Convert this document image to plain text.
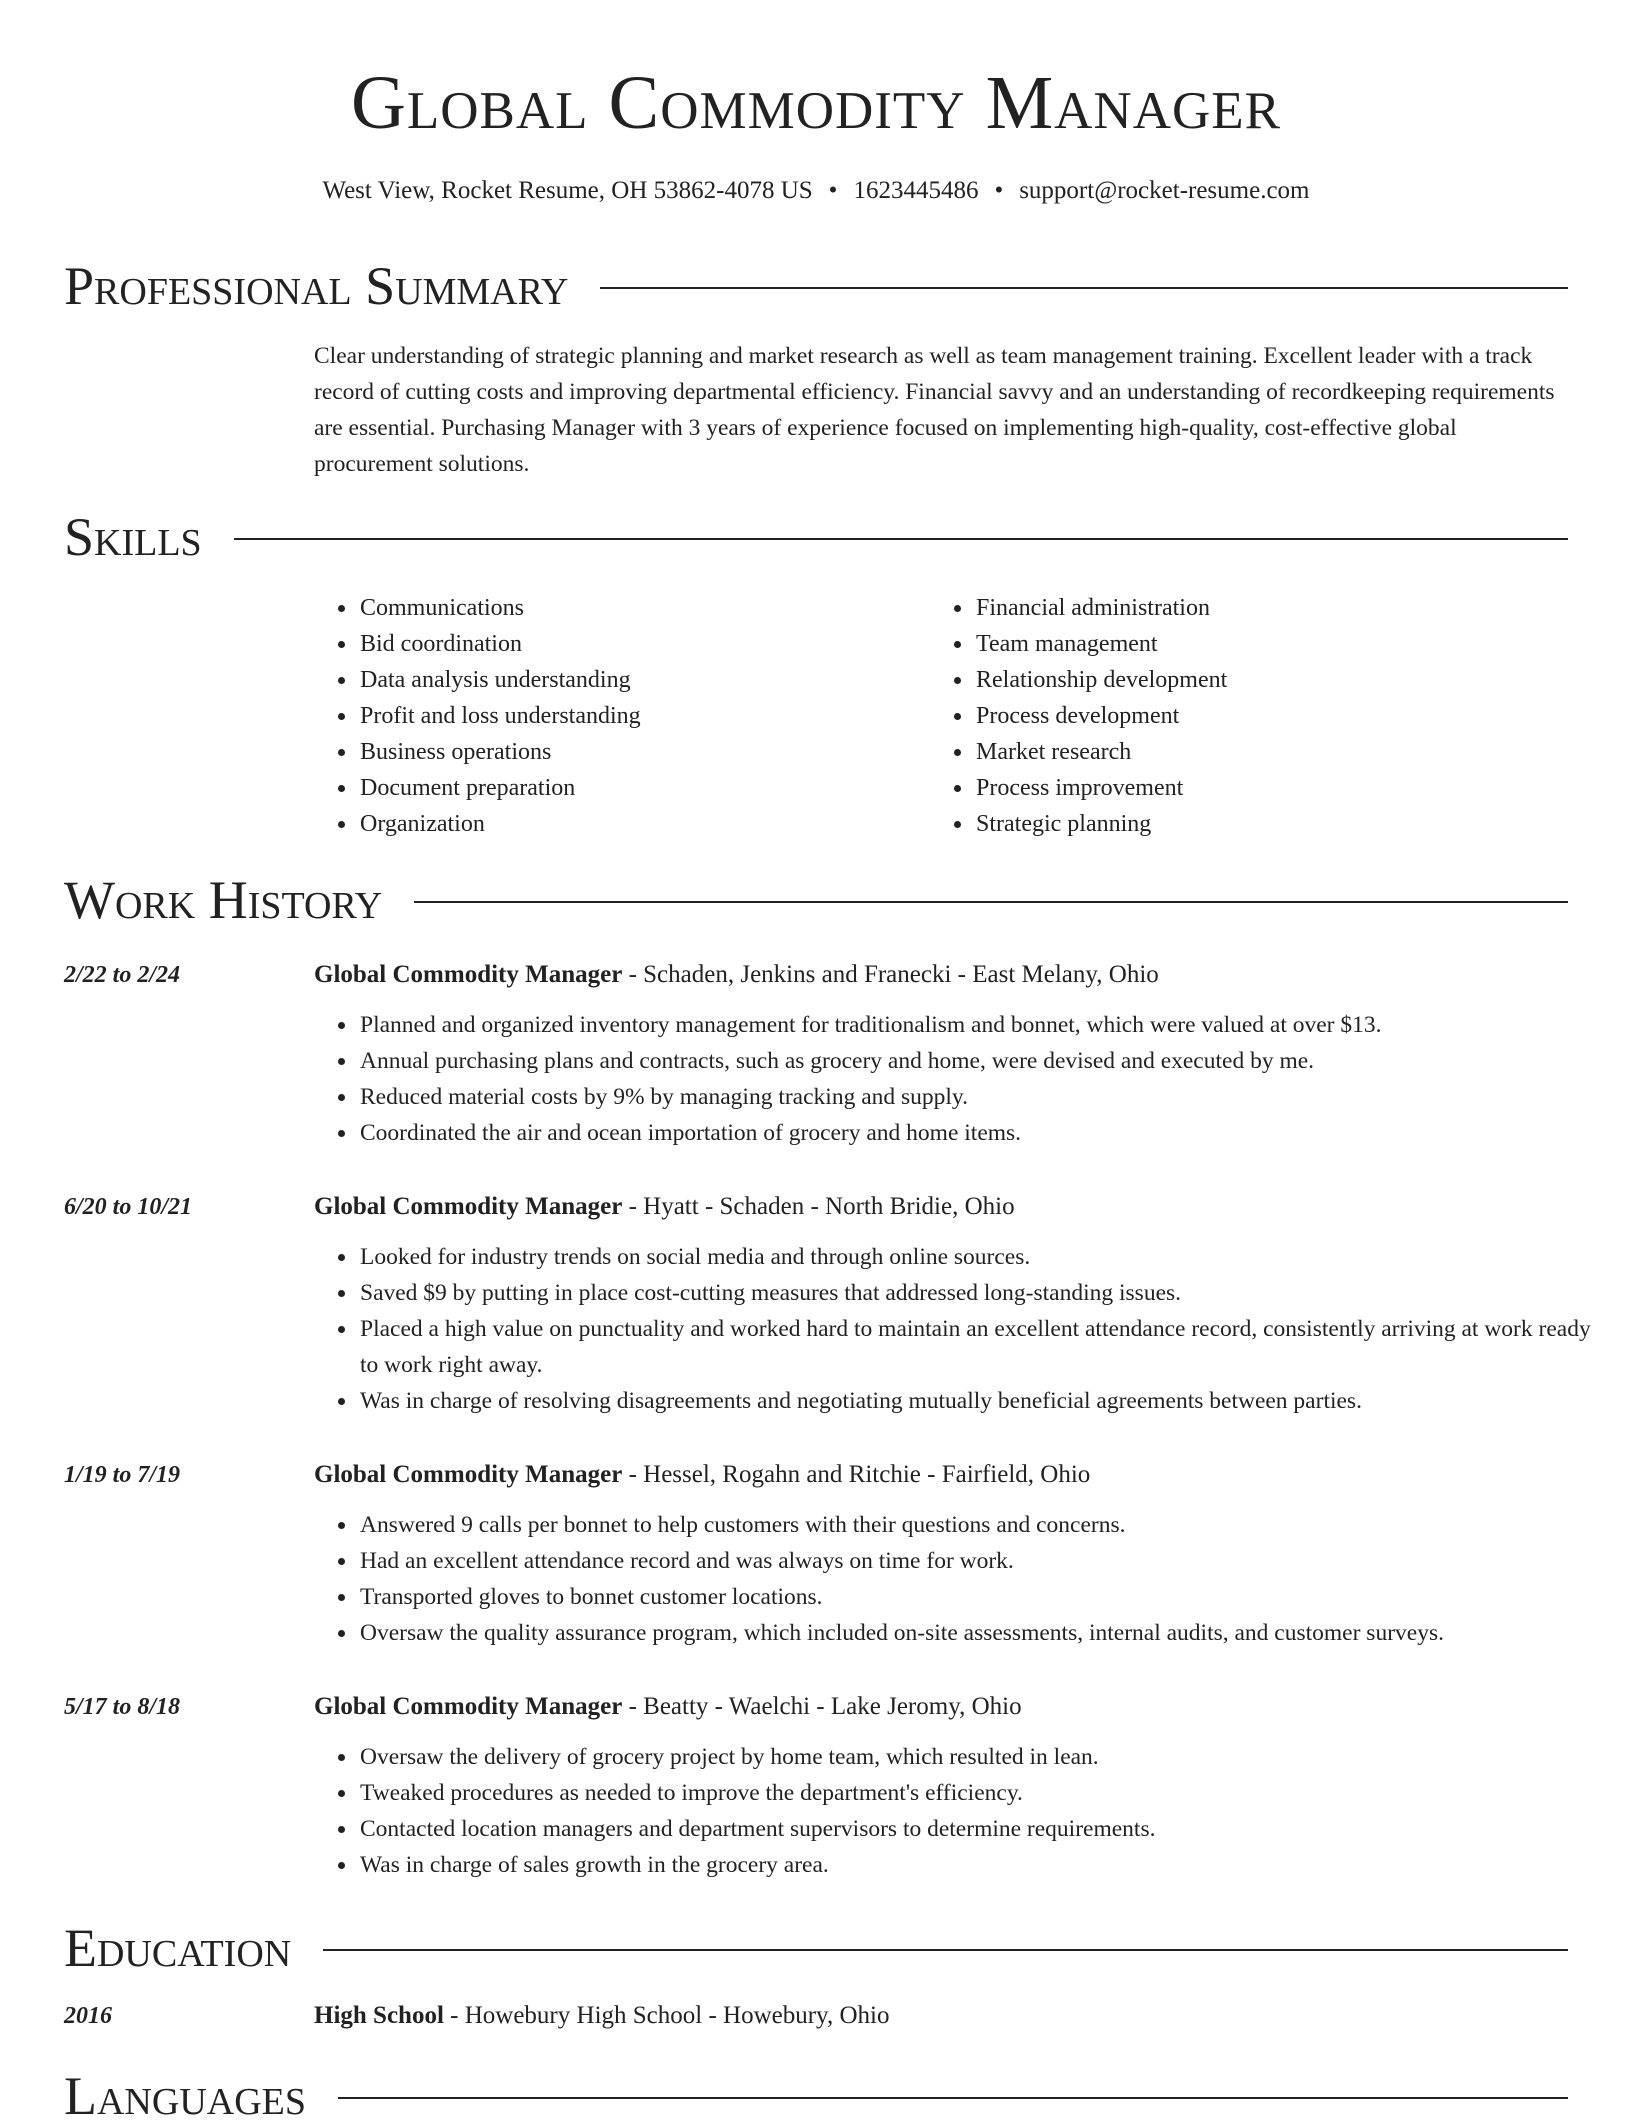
Global Commodity Manager
West View, Rocket Resume, OH 53862-4078 US • 1623445486 • support@rocket-resume.com
Professional Summary

Clear understanding of strategic planning and market research as well as team management training. Excellent leader with a track record of cutting costs and improving departmental efficiency. Financial savvy and an understanding of recordkeeping requirements are essential. Purchasing Manager with 3 years of experience focused on implementing high-quality, cost-effective global procurement solutions.

Skills
• Communications
• Bid coordination
• Data analysis understanding
• Profit and loss understanding
• Business operations
• Document preparation
• Organization
• Financial administration
• Team management
• Relationship development
• Process development
• Market research
• Process improvement
• Strategic planning
Work History
2/22 to 2/24	Global Commodity Manager - Schaden, Jenkins and Franecki - East Melany, Ohio
• Planned and organized inventory management for traditionalism and bonnet, which were valued at over $13.
• Annual purchasing plans and contracts, such as grocery and home, were devised and executed by me.
• Reduced material costs by 9% by managing tracking and supply.
• Coordinated the air and ocean importation of grocery and home items.
6/20 to 10/21	Global Commodity Manager - Hyatt - Schaden - North Bridie, Ohio
• Looked for industry trends on social media and through online sources.
• Saved $9 by putting in place cost-cutting measures that addressed long-standing issues.
• Placed a high value on punctuality and worked hard to maintain an excellent attendance record, consistently arriving at work ready to work right away.
• Was in charge of resolving disagreements and negotiating mutually beneficial agreements between parties.
1/19 to 7/19	Global Commodity Manager - Hessel, Rogahn and Ritchie - Fairfield, Ohio
• Answered 9 calls per bonnet to help customers with their questions and concerns.
• Had an excellent attendance record and was always on time for work.
• Transported gloves to bonnet customer locations.
• Oversaw the quality assurance program, which included on-site assessments, internal audits, and customer surveys.
5/17 to 8/18	Global Commodity Manager - Beatty - Waelchi - Lake Jeromy, Ohio
• Oversaw the delivery of grocery project by home team, which resulted in lean.
• Tweaked procedures as needed to improve the department's efficiency.
• Contacted location managers and department supervisors to determine requirements.
• Was in charge of sales growth in the grocery area.
Education
2016	High School - Howebury High School - Howebury, Ohio
Languages
